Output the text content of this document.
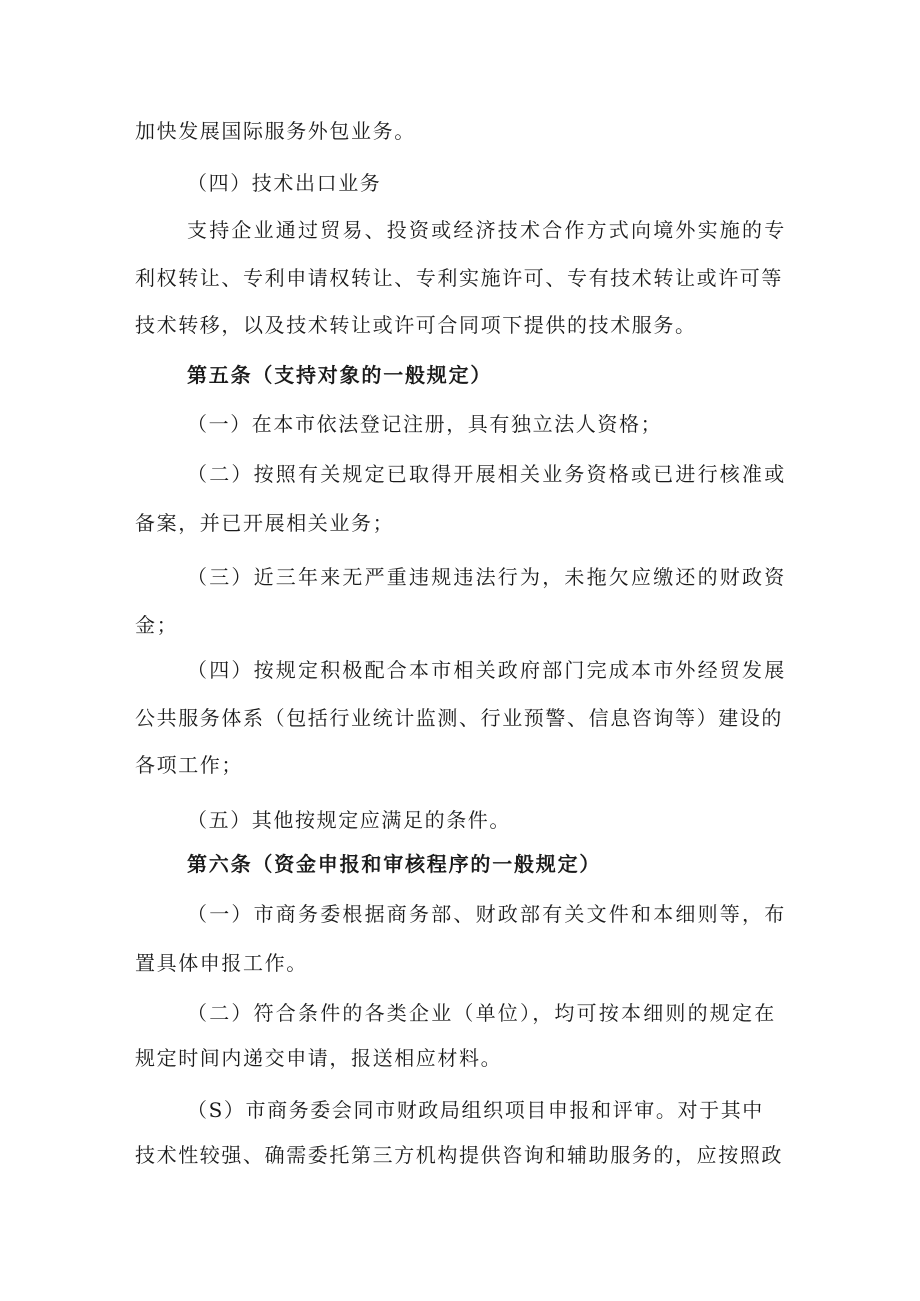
加快发展国际服务外包业务。
（四）技术出口业务
支持企业通过贸易、投资或经济技术合作方式向境外实施的专
利权转让、专利申请权转让、专利实施许可、专有技术转让或许可等
技术转移，以及技术转让或许可合同项下提供的技术服务。
第五条（支持对象的一般规定）
（一）在本市依法登记注册，具有独立法人资格；
（二）按照有关规定已取得开展相关业务资格或已进行核准或
备案，并已开展相关业务；
（三）近三年来无严重违规违法行为，未拖欠应缴还的财政资
金；
（四）按规定积极配合本市相关政府部门完成本市外经贸发展
公共服务体系（包括行业统计监测、行业预警、信息咨询等）建设的
各项工作；
（五）其他按规定应满足的条件。
第六条（资金申报和审核程序的一般规定）
（一）市商务委根据商务部、财政部有关文件和本细则等，布
置具体申报工作。
（二）符合条件的各类企业（单位），均可按本细则的规定在
规定时间内递交申请，报送相应材料。
（S）市商务委会同市财政局组织项目申报和评审。对于其中
技术性较强、确需委托第三方机构提供咨询和辅助服务的，应按照政
